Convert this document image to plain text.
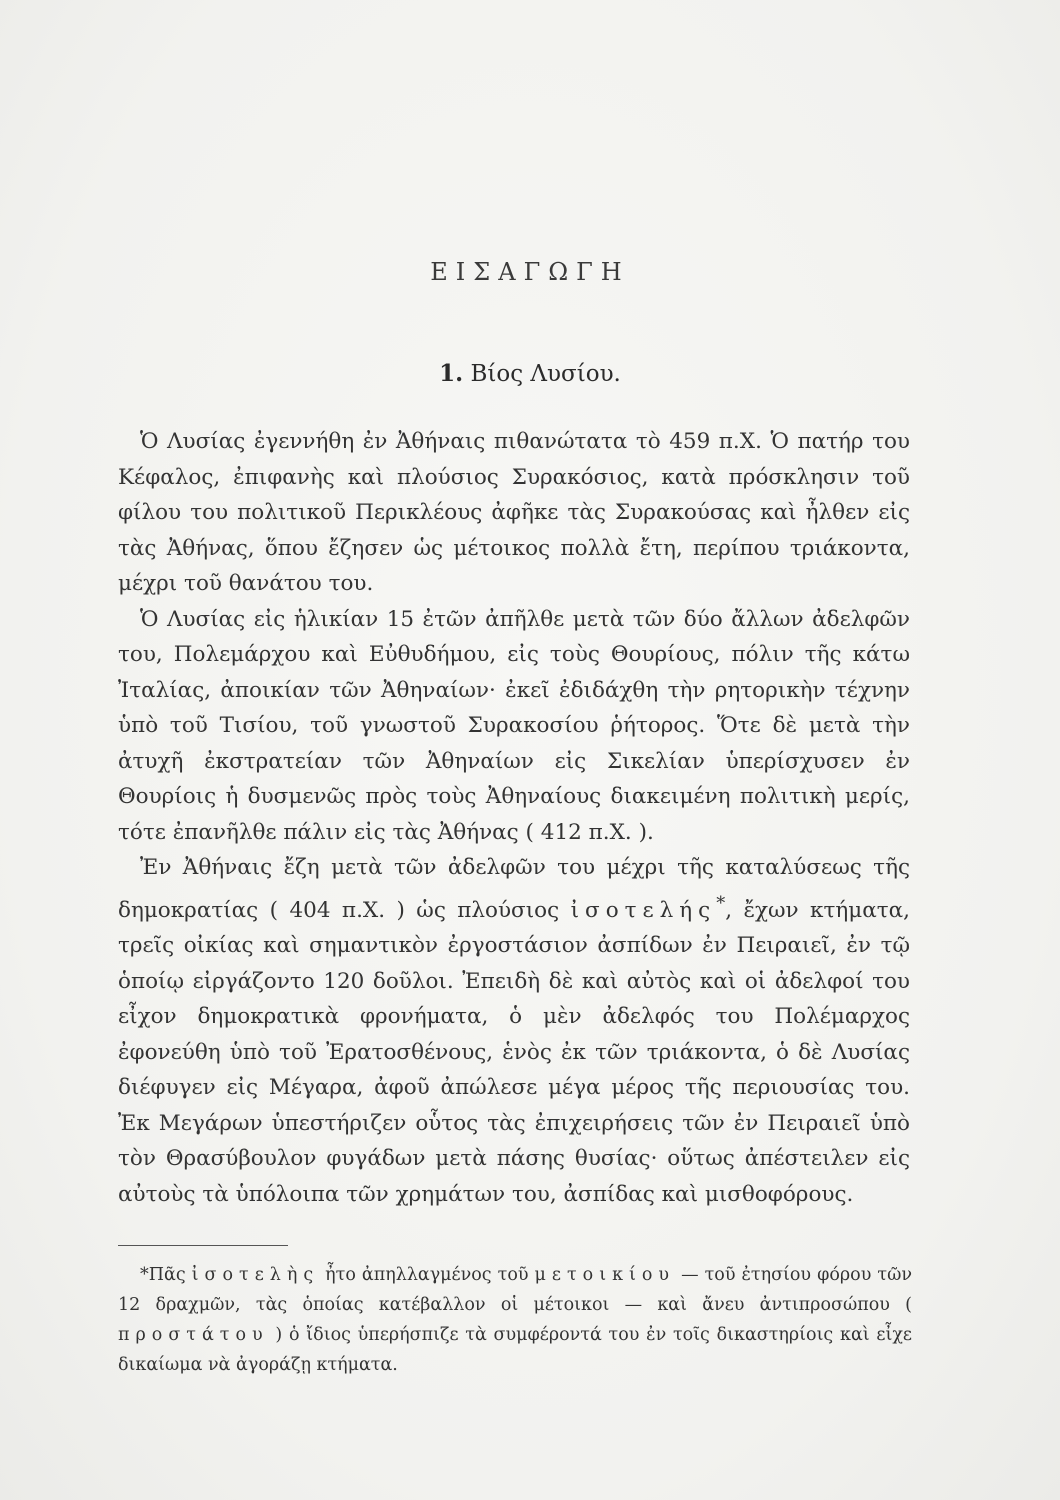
ΕΙΣΑΓΩΓΗ
1. Βίος Λυσίου.

Ὁ Λυσίας ἐγεννήθη ἐν Ἀθήναις πιθανώτατα τὸ 459 π.Χ. Ὁ πατήρ του Κέφαλος, ἐπιφανὴς καὶ πλούσιος Συρακόσιος, κατὰ πρόσκλησιν τοῦ φίλου του πολιτικοῦ Περικλέους ἀφῆκε τὰς Συρακούσας καὶ ἦλθεν εἰς τὰς Ἀθήνας, ὅπου ἔζησεν ὡς μέτοικος πολλὰ ἔτη, περίπου τριάκοντα, μέχρι τοῦ θανάτου του.

Ὁ Λυσίας εἰς ἡλικίαν 15 ἐτῶν ἀπῆλθε μετὰ τῶν δύο ἄλλων ἀδελφῶν του, Πολεμάρχου καὶ Εὐθυδήμου, εἰς τοὺς Θουρίους, πόλιν τῆς κάτω Ἰταλίας, ἀποικίαν τῶν Ἀθηναίων· ἐκεῖ ἐδιδάχθη τὴν ρητορικὴν τέχνην ὑπὸ τοῦ Τισίου, τοῦ γνωστοῦ Συρακοσίου ῥήτορος. Ὅτε δὲ μετὰ τὴν ἀτυχῆ ἐκστρατείαν τῶν Ἀθηναίων εἰς Σικελίαν ὑπερίσχυσεν ἐν Θουρίοις ἡ δυσμενῶς πρὸς τοὺς Ἀθηναίους διακειμένη πολιτικὴ μερίς, τότε ἐπανῆλθε πάλιν εἰς τὰς Ἀθήνας ( 412 π.Χ. ).

Ἐν Ἀθήναις ἔζη μετὰ τῶν ἀδελφῶν του μέχρι τῆς καταλύσεως τῆς δημοκρατίας ( 404 π.Χ. ) ὡς πλούσιος ἰσοτελής*, ἔχων κτήματα, τρεῖς οἰκίας καὶ σημαντικὸν ἐργοστάσιον ἀσπίδων ἐν Πειραιεῖ, ἐν τῷ ὁποίῳ εἰργάζοντο 120 δοῦλοι. Ἐπειδὴ δὲ καὶ αὐτὸς καὶ οἱ ἀδελφοί του εἶχον δημοκρατικὰ φρονήματα, ὁ μὲν ἀδελφός του Πολέμαρχος ἐφονεύθη ὑπὸ τοῦ Ἐρατοσθένους, ἑνὸς ἐκ τῶν τριάκοντα, ὁ δὲ Λυσίας διέφυγεν εἰς Μέγαρα, ἀφοῦ ἀπώλεσε μέγα μέρος τῆς περιουσίας του. Ἐκ Μεγάρων ὑπεστήριζεν οὗτος τὰς ἐπιχειρήσεις τῶν ἐν Πειραιεῖ ὑπὸ τὸν Θρασύβουλον φυγάδων μετὰ πάσης θυσίας· οὕτως ἀπέστειλεν εἰς αὐτοὺς τὰ ὑπόλοιπα τῶν χρημάτων του, ἀσπίδας καὶ μισθοφόρους.

*Πᾶς ἰσοτελὴς ἦτο ἀπηλλαγμένος τοῦ μετοικίου — τοῦ ἐτησίου φόρου τῶν 12 δραχμῶν, τὰς ὁποίας κατέβαλλον οἱ μέτοικοι — καὶ ἄνευ ἀντιπροσώπου ( προστάτου ) ὁ ἴδιος ὑπερήσπιζε τὰ συμφέροντά του ἐν τοῖς δικαστηρίοις καὶ εἶχε δικαίωμα νὰ ἀγοράζῃ κτήματα.
